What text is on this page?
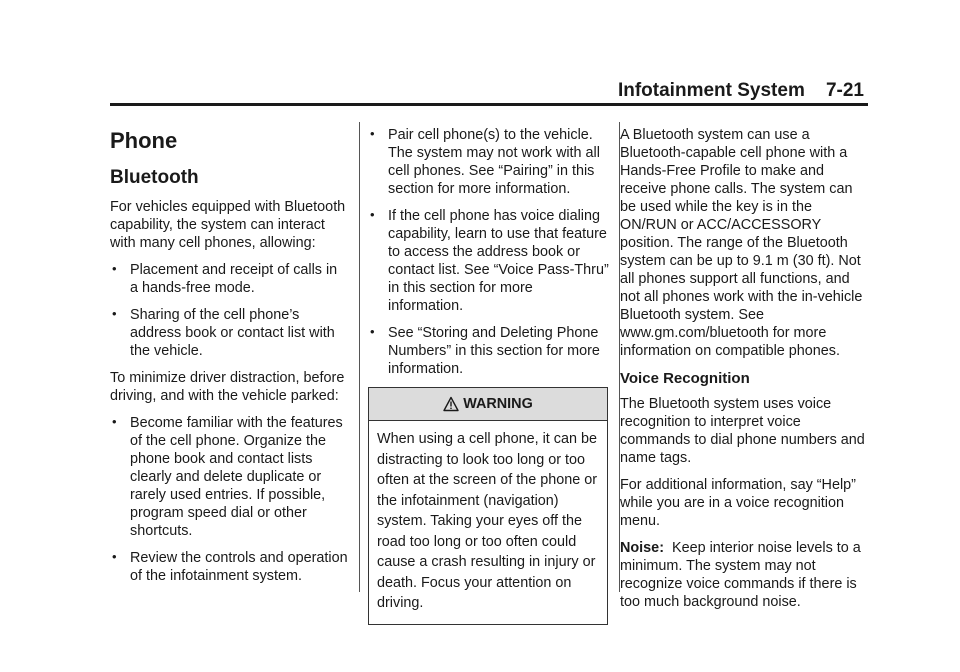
Infotainment System 7-21
Phone
Bluetooth

For vehicles equipped with Bluetooth capability, the system can interact with many cell phones, allowing:

• Placement and receipt of calls in a hands-free mode.
• Sharing of the cell phone’s address book or contact list with the vehicle.

To minimize driver distraction, before driving, and with the vehicle parked:

• Become familiar with the features of the cell phone. Organize the phone book and contact lists clearly and delete duplicate or rarely used entries. If possible, program speed dial or other shortcuts.
• Review the controls and operation of the infotainment system.
• Pair cell phone(s) to the vehicle. The system may not work with all cell phones. See “Pairing” in this section for more information.
• If the cell phone has voice dialing capability, learn to use that feature to access the address book or contact list. See “Voice Pass-Thru” in this section for more information.
• See “Storing and Deleting Phone Numbers” in this section for more information.
WARNING
When using a cell phone, it can be distracting to look too long or too often at the screen of the phone or the infotainment (navigation) system. Taking your eyes off the road too long or too often could cause a crash resulting in injury or death. Focus your attention on driving.

A Bluetooth system can use a Bluetooth-capable cell phone with a Hands-Free Profile to make and receive phone calls. The system can be used while the key is in the ON/RUN or ACC/ACCESSORY position. The range of the Bluetooth system can be up to 9.1 m (30 ft). Not all phones support all functions, and not all phones work with the in-vehicle Bluetooth system. See www.gm.com/bluetooth for more information on compatible phones.

Voice Recognition

The Bluetooth system uses voice recognition to interpret voice commands to dial phone numbers and name tags.

For additional information, say “Help” while you are in a voice recognition menu.

Noise: Keep interior noise levels to a minimum. The system may not recognize voice commands if there is too much background noise.
